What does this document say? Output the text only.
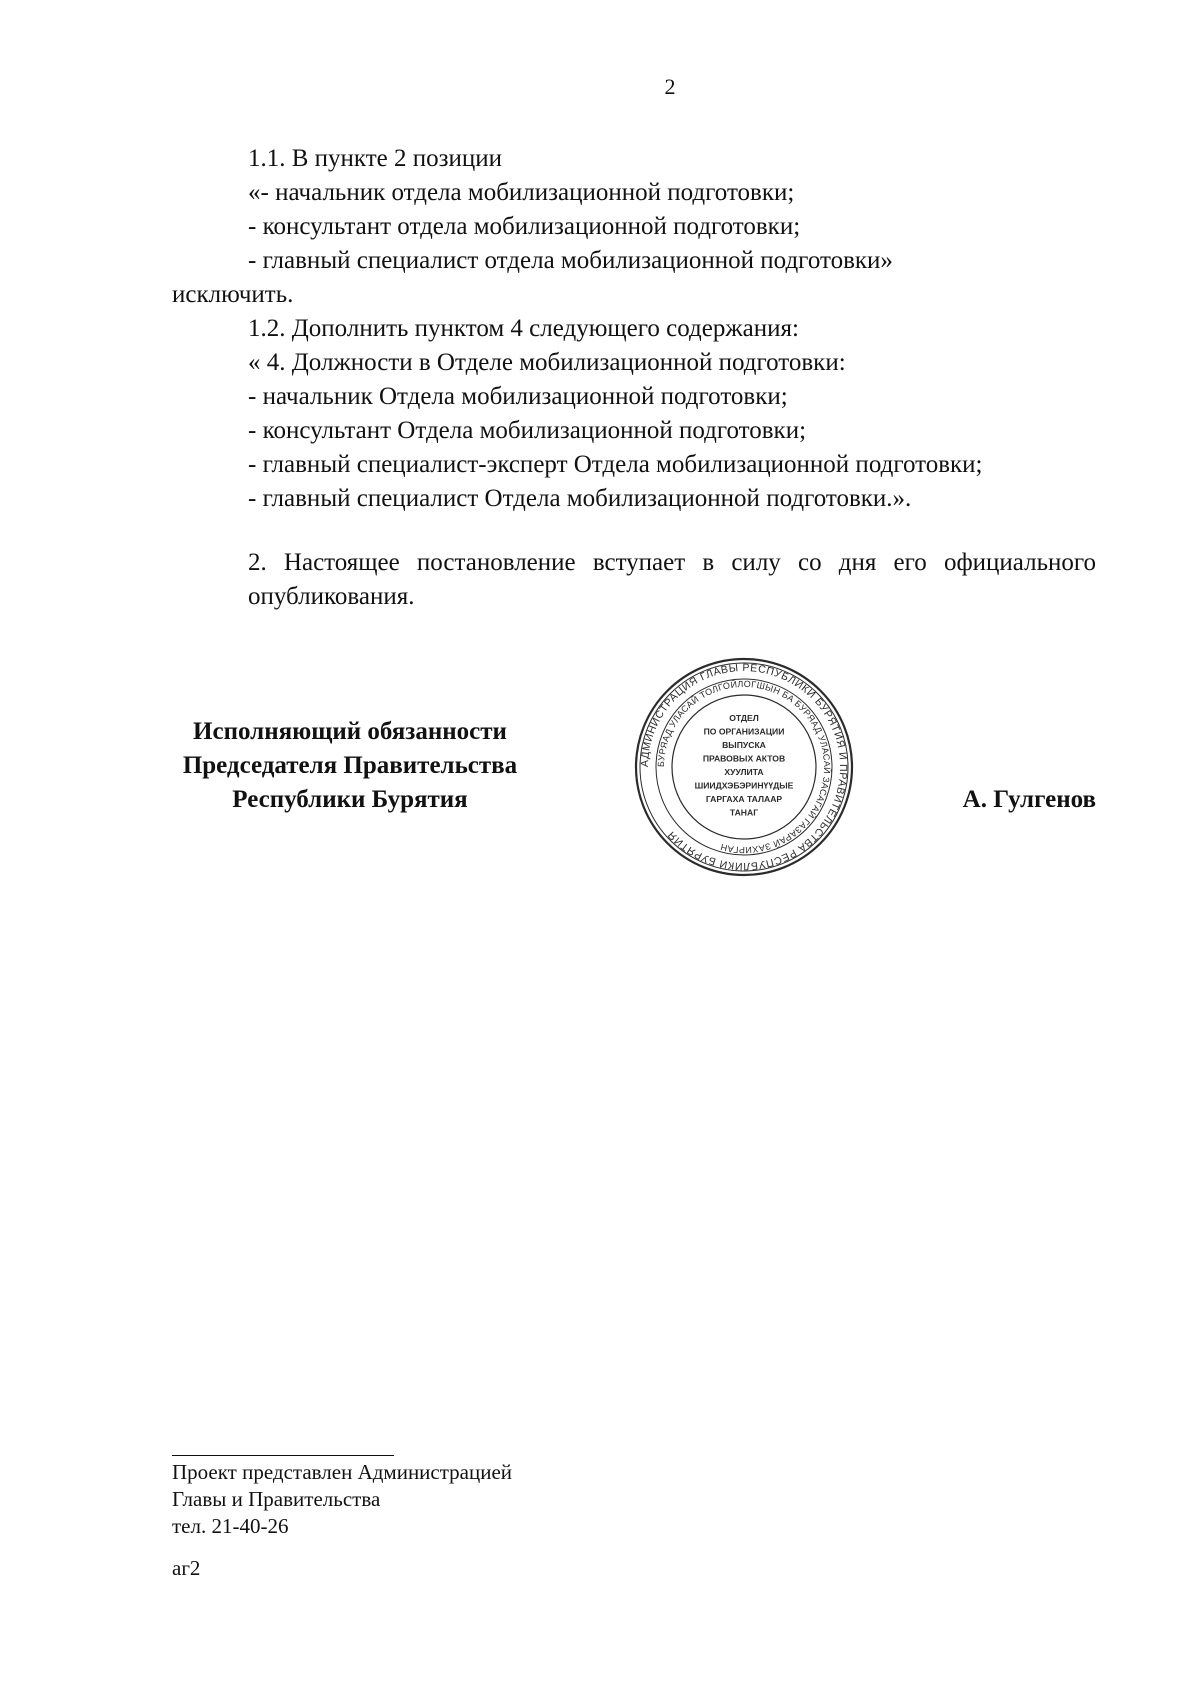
2

1.1. В пункте 2 позиции

«- начальник отдела мобилизационной подготовки;

- консультант отдела мобилизационной подготовки;

- главный специалист отдела мобилизационной подготовки»

исключить.

1.2. Дополнить пунктом 4 следующего содержания:

« 4. Должности в Отделе мобилизационной подготовки:

- начальник Отдела мобилизационной подготовки;

- консультант Отдела мобилизационной подготовки;

- главный специалист-эксперт Отдела мобилизационной подготовки;

- главный специалист Отдела мобилизационной подготовки.».

2. Настоящее постановление вступает в силу со дня его официального опубликования.

Исполняющий обязанности
Председателя Правительства
Республики Бурятия
АДМИНИСТРАЦИЯ ГЛАВЫ РЕСПУБЛИКИ БУРЯТИЯ И ПРАВИТЕЛЬСТВА РЕСПУБЛИКИ БУРЯТИЯ
БУРЯАД УЛАСАЙ ТОЛГОЙЛОГШЫН БА БУРЯАД УЛАСАЙ ЗАСАГАЙ ГАЗАРАЙ ЗАХИРГАН
ОТДЕЛ
ПО ОРГАНИЗАЦИИ
ВЫПУСКА
ПРАВОВЫХ АКТОВ
ХУУЛИТА
ШИИДХЭБЭРИНҮҮДЫЕ
ГАРГАХА ТАЛААР
ТАНАГ	А. Гулгенов
Проект представлен Администрацией
Главы и Правительства
тел. 21-40-26
аг2
